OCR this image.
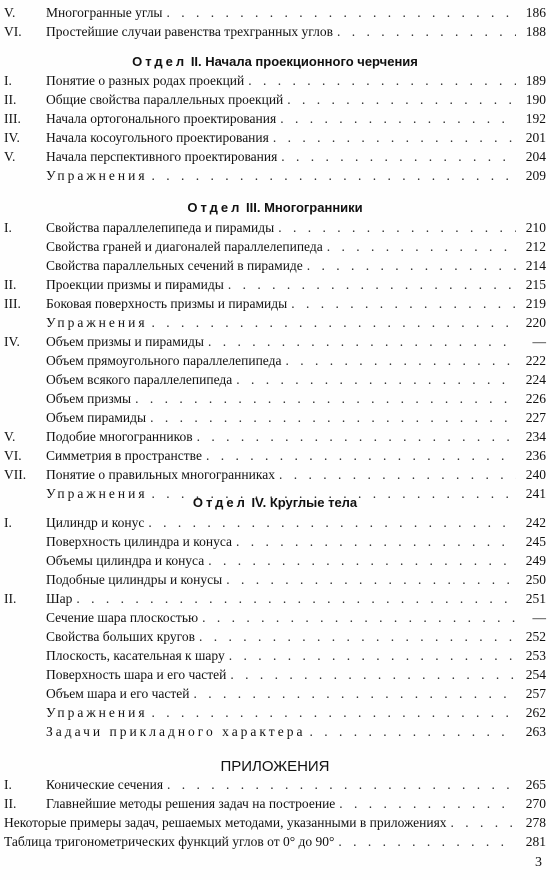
V.	Многогранные углы . . .	186
VI.	Простейшие случаи равенства трехгранных углов . . .	188
Отдел II. Начала проекционного черчения
I.	Понятие о разных родах проекций . . .	189
II.	Общие свойства параллельных проекций . . .	190
III.	Начала ортогонального проектирования . . .	192
IV.	Начала косоугольного проектирования . . .	201
V.	Начала перспективного проектирования . . .	204
Упражнения . . .	209
Отдел III. Многогранники
I.	Свойства параллелепипеда и пирамиды . . .	210
Свойства граней и диагоналей параллелепипеда . . .	212
Свойства параллельных сечений в пирамиде . . .	214
II.	Проекции призмы и пирамиды . . .	215
III.	Боковая поверхность призмы и пирамиды . . .	219
Упражнения . . .	220
IV.	Объем призмы и пирамиды . . .	—
Объем прямоугольного параллелепипеда . . .	222
Объем всякого параллелепипеда . . .	224
Объем призмы . . .	226
Объем пирамиды . . .	227
V.	Подобие многогранников . . .	234
VI.	Симметрия в пространстве . . .	236
VII.	Понятие о правильных многогранниках . . .	240
Упражнения . . .	241
Отдел IV. Круглые тела
I.	Цилиндр и конус . . .	242
Поверхность цилиндра и конуса . . .	245
Объемы цилиндра и конуса . . .	249
Подобные цилиндры и конусы . . .	250
II.	Шар . . .	251
Сечение шара плоскостью . . .	—
Свойства больших кругов . . .	252
Плоскость, касательная к шару . . .	253
Поверхность шара и его частей . . .	254
Объем шара и его частей . . .	257
Упражнения . . .	262
Задачи прикладного характера . . .	263
ПРИЛОЖЕНИЯ
I.	Конические сечения . . .	265
II.	Главнейшие методы решения задач на построение . . .	270
Некоторые примеры задач, решаемых методами, указанными в приложениях . . .	278
Таблица тригонометрических функций углов от 0° до 90° . . .	281
3
